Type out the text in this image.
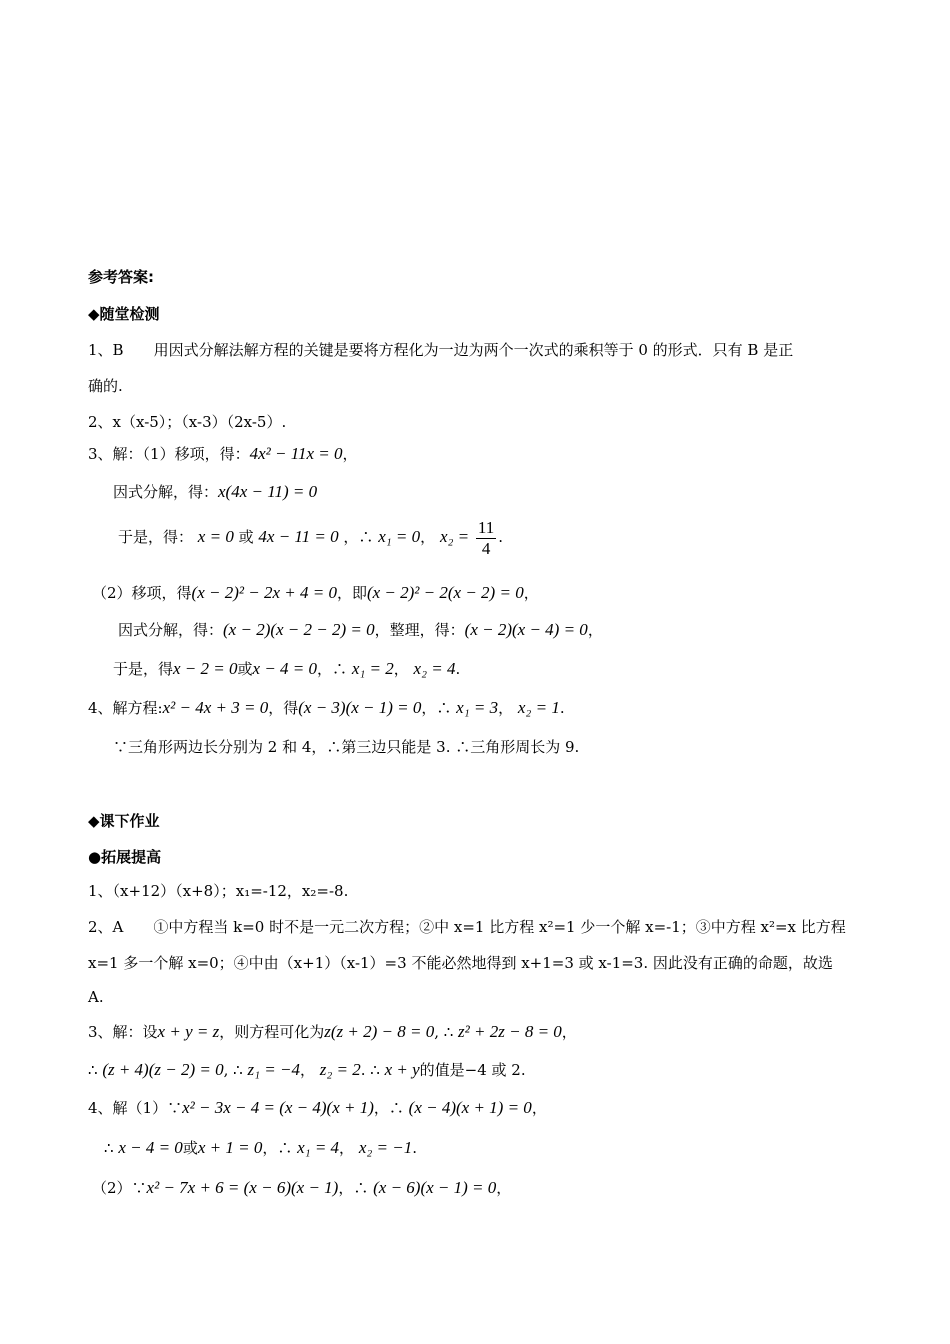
参考答案:
◆随堂检测
1、B　　用因式分解法解方程的关键是要将方程化为一边为两个一次式的乘积等于 0 的形式．只有 B 是正
确的.
2、x（x-5）；（x-3）（2x-5）.
3、解：（1）移项，得：4x² − 11x = 0，
因式分解，得：x(4x − 11) = 0
于是，得： x = 0 或 4x − 11 = 0 ，∴ x₁ = 0， $x_2 = \frac{11}{4}$ .
（2）移项，得(x − 2)² − 2x + 4 = 0，即(x − 2)² − 2(x − 2) = 0，
因式分解，得：(x − 2)(x − 2 − 2) = 0，整理，得：(x − 2)(x − 4) = 0，
于是，得x − 2 = 0或x − 4 = 0，∴ x₁ = 2， x₂ = 4.
4、解方程:x² − 4x + 3 = 0，得(x − 3)(x − 1) = 0，∴ x₁ = 3， x₂ = 1.
∵三角形两边长分别为 2 和 4，∴第三边只能是 3. ∴三角形周长为 9.
◆课下作业
●拓展提高
1、（x+12）（x+8）；x₁=-12，x₂=-8.
2、A　　①中方程当 k=0 时不是一元二次方程；②中 x=1 比方程 x²=1 少一个解 x=-1；③中方程 x²=x 比方程
x=1 多一个解 x=0；④中由（x+1）（x-1）=3 不能必然地得到 x+1=3 或 x-1=3. 因此没有正确的命题，故选
A.
3、解：设x + y = z，则方程可化为z(z + 2) − 8 = 0, ∴ z² + 2z − 8 = 0，
∴ (z + 4)(z − 2) = 0, ∴ z₁ = −4， z₂ = 2. ∴ x + y的值是−4 或 2.
4、解（1）∵x² − 3x − 4 = (x − 4)(x + 1)，∴ (x − 4)(x + 1) = 0，
∴ x − 4 = 0或x + 1 = 0，∴ x₁ = 4， x₂ = −1.
（2）∵x² − 7x + 6 = (x − 6)(x − 1)，∴ (x − 6)(x − 1) = 0，
